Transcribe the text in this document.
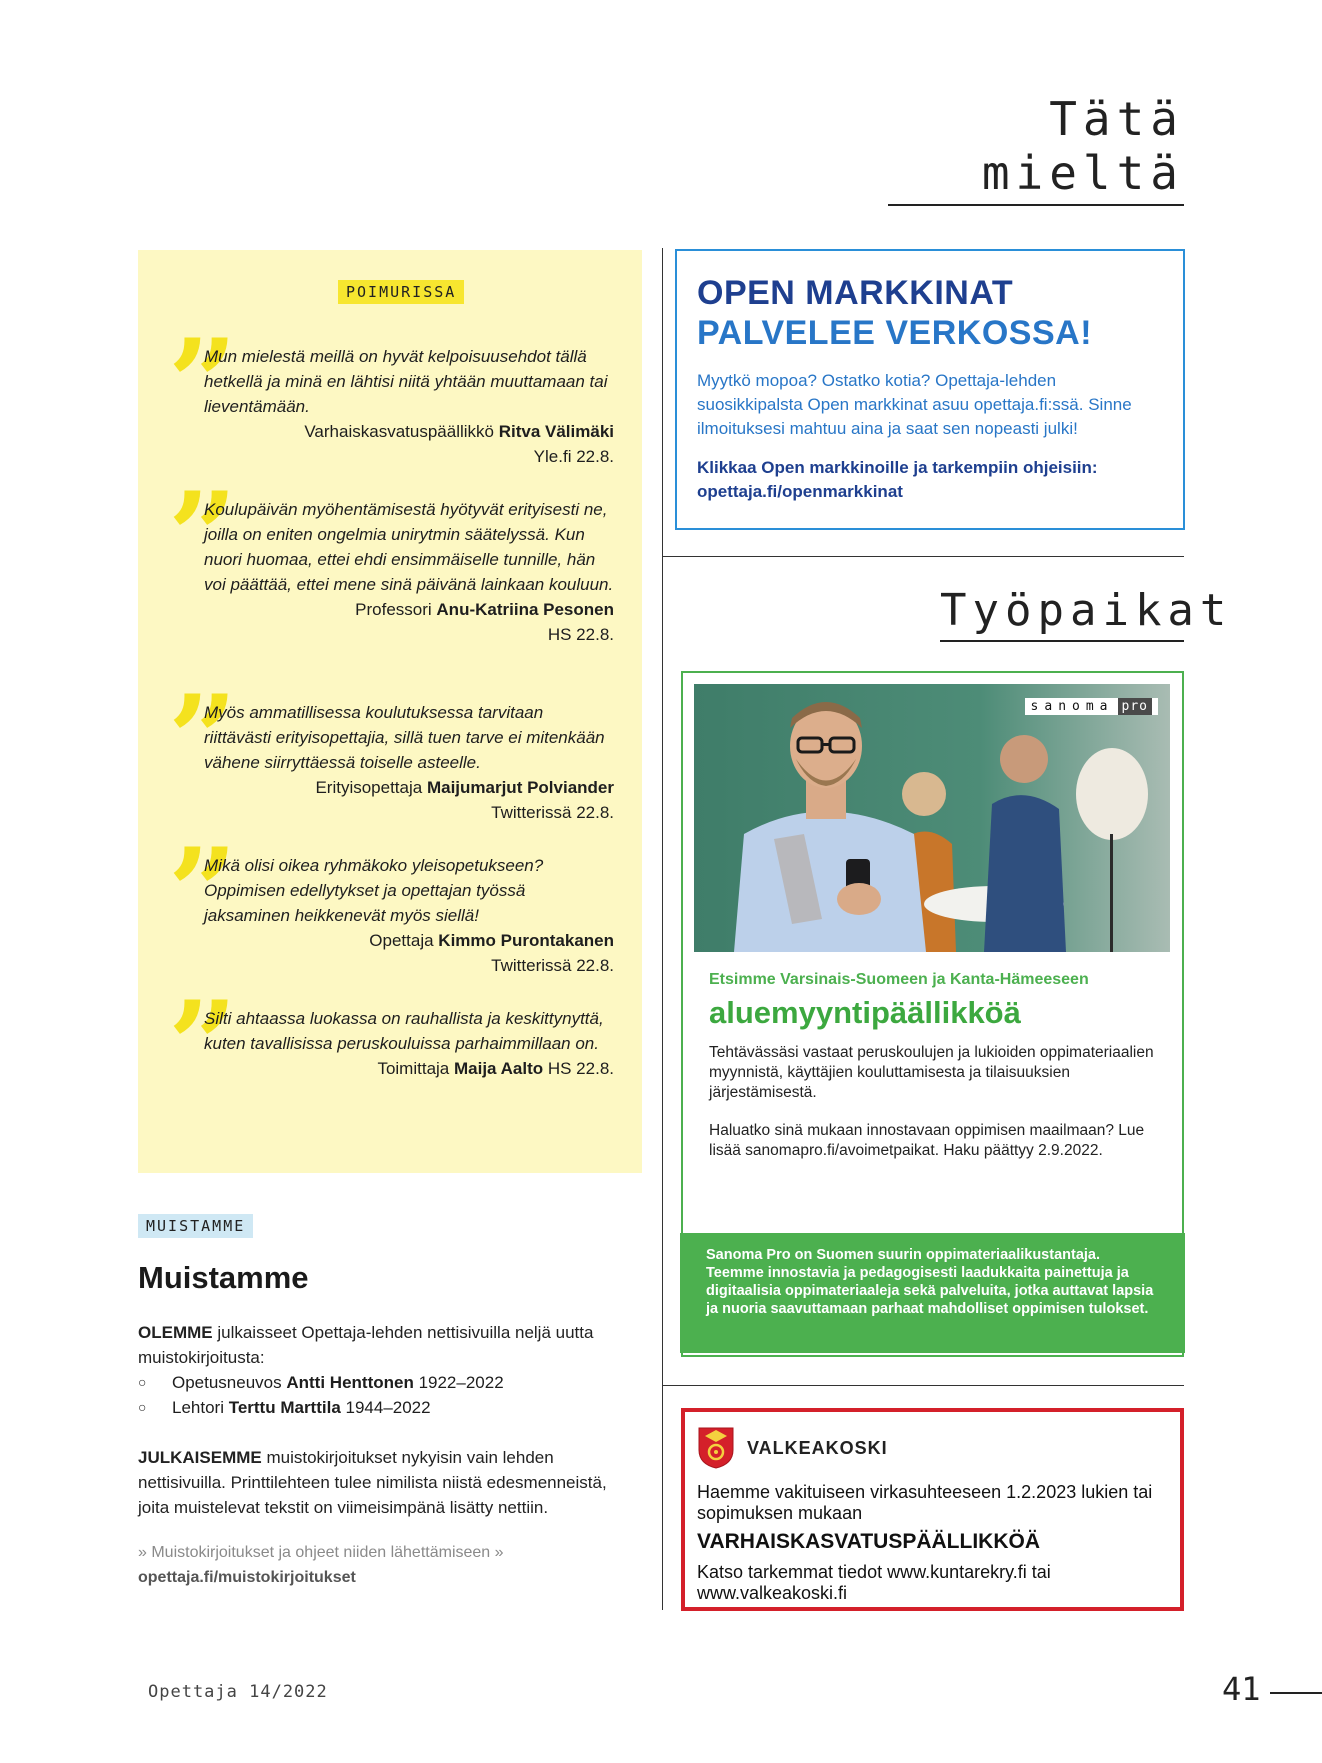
Tätä mieltä
POIMURISSA
”
Mun mielestä meillä on hyvät kelpoisuusehdot tällä hetkellä ja minä en lähtisi niitä yhtään muuttamaan tai lieventämään.
Varhaiskasvatuspäällikkö Ritva Välimäki
Yle.fi 22.8.
”
Koulupäivän myöhentämisestä hyötyvät erityisesti ne, joilla on eniten ongelmia unirytmin säätelyssä. Kun nuori huomaa, ettei ehdi ensimmäiselle tunnille, hän voi päättää, ettei mene sinä päivänä lainkaan kouluun.
Professori Anu-Katriina Pesonen
HS 22.8.
”
Myös ammatillisessa koulutuksessa tarvitaan riittävästi erityisopettajia, sillä tuen tarve ei mitenkään vähene siirryttäessä toiselle asteelle.
Erityisopettaja Maijumarjut Polviander
Twitterissä 22.8.
”
Mikä olisi oikea ryhmäkoko yleisopetukseen? Oppimisen edellytykset ja opettajan työssä jaksaminen heikkenevät myös siellä!
Opettaja Kimmo Purontakanen
Twitterissä 22.8.
”
Silti ahtaassa luokassa on rauhallista ja keskittynyttä, kuten tavallisissa peruskouluissa parhaimmillaan on.
Toimittaja Maija Aalto HS 22.8.
MUISTAMME
Muistamme

OLEMME julkaisseet Opettaja-lehden nettisivuilla neljä uutta muistokirjoitusta:

○ Opetusneuvos Antti Henttonen 1922–2022
○ Lehtori Terttu Marttila 1944–2022

JULKAISEMME muistokirjoitukset nykyisin vain lehden nettisivuilla. Printtilehteen tulee nimilista niistä edesmenneistä, joita muistelevat tekstit on viimeisimpänä lisätty nettiin.

» Muistokirjoitukset ja ohjeet niiden lähettämiseen »
opettaja.fi/muistokirjoitukset
OPEN MARKKINAT
PALVELEE VERKOSSA!
Myytkö mopoa? Ostatko kotia? Opettaja-lehden suosikkipalsta Open markkinat asuu opettaja.fi:ssä. Sinne ilmoituksesi mahtuu aina ja saat sen nopeasti julki!
Klikkaa Open markkinoille ja tarkempiin ohjeisiin:
opettaja.fi/openmarkkinat
Työpaikat
sanoma pro
Etsimme Varsinais-Suomeen ja Kanta-Hämeeseen
aluemyyntipäällikköä
Tehtävässäsi vastaat peruskoulujen ja lukioiden oppimateriaalien myynnistä, käyttäjien kouluttamisesta ja tilaisuuksien järjestämisestä.
Haluatko sinä mukaan innostavaan oppimisen maailmaan? Lue lisää sanomapro.fi/avoimetpaikat. Haku päättyy 2.9.2022.
Sanoma Pro on Suomen suurin oppimateriaalikustantaja. Teemme innostavia ja pedagogisesti laadukkaita painettuja ja digitaalisia oppimateriaaleja sekä palveluita, jotka auttavat lapsia ja nuoria saavuttamaan parhaat mahdolliset oppimisen tulokset.
VALKEAKOSKI
Haemme vakituiseen virkasuhteeseen 1.2.2023 lukien tai sopimuksen mukaan
VARHAISKASVATUSPÄÄLLIKKÖÄ
Katso tarkemmat tiedot www.kuntarekry.fi tai www.valkeakoski.fi
Opettaja 14/2022	41
